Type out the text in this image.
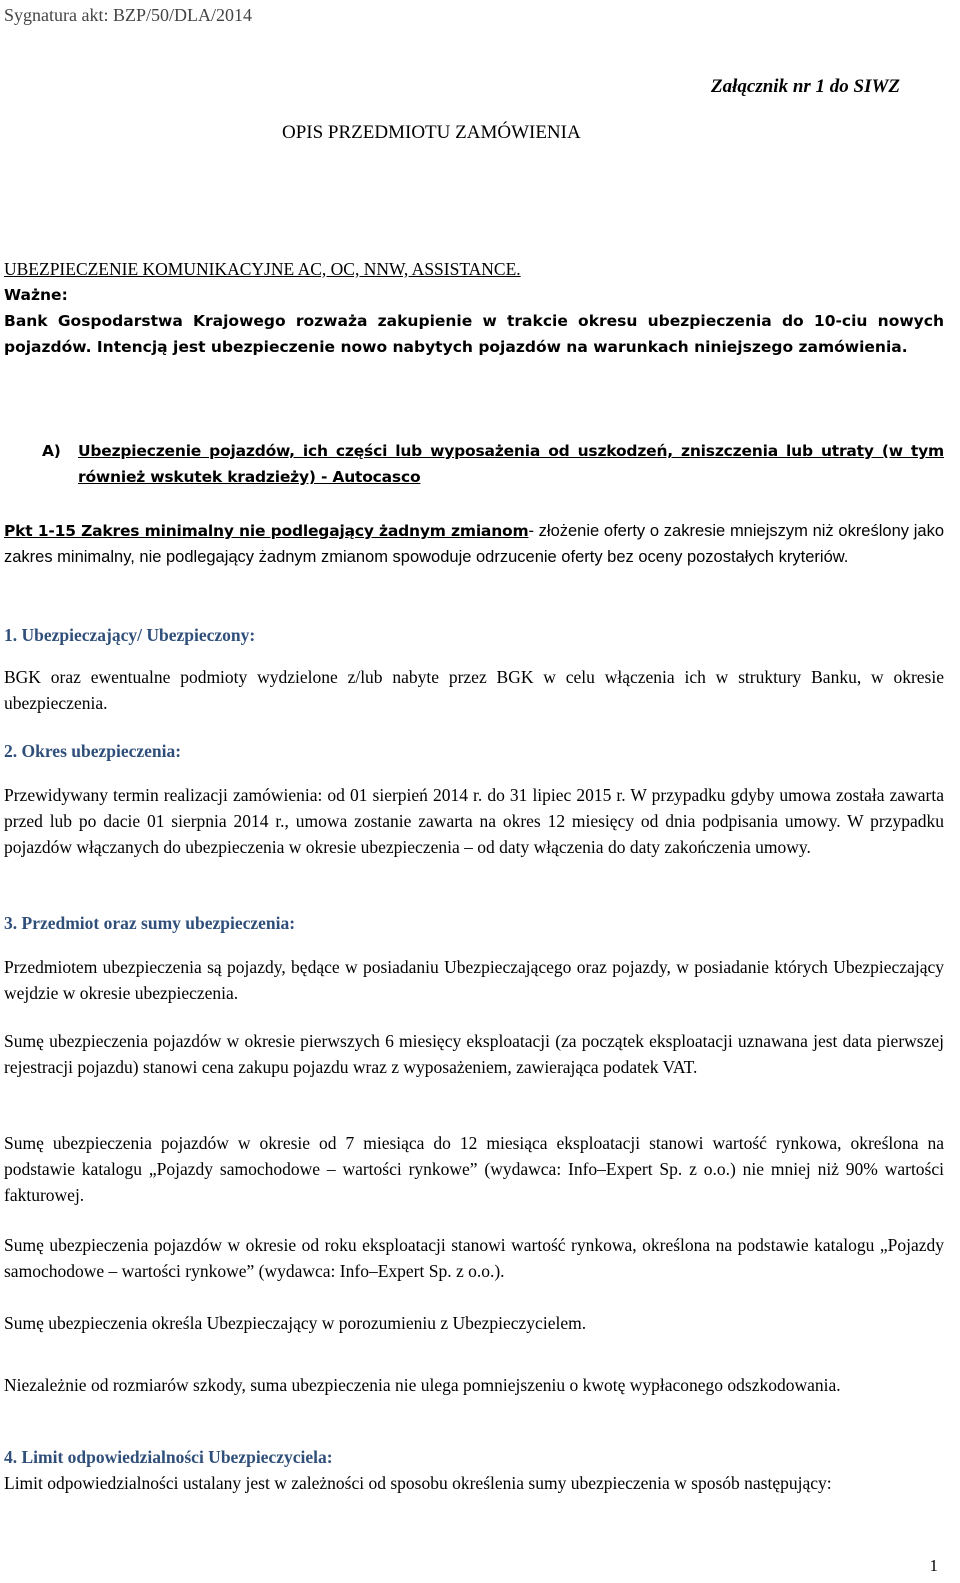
Sygnatura akt: BZP/50/DLA/2014
Załącznik nr 1 do SIWZ
OPIS PRZEDMIOTU ZAMÓWIENIA
UBEZPIECZENIE KOMUNIKACYJNE AC, OC, NNW, ASSISTANCE.

Ważne:

Bank Gospodarstwa Krajowego rozważa zakupienie w trakcie okresu ubezpieczenia do 10-ciu nowych pojazdów. Intencją jest ubezpieczenie nowo nabytych pojazdów na warunkach niniejszego zamówienia.

A)	Ubezpieczenie pojazdów, ich części lub wyposażenia od uszkodzeń, zniszczenia lub utraty (w tym również wskutek kradzieży) - Autocasco
Pkt 1-15 Zakres minimalny nie podlegający żadnym zmianom- złożenie oferty o zakresie mniejszym niż określony jako zakres minimalny, nie podlegający żadnym zmianom spowoduje odrzucenie oferty bez oceny pozostałych kryteriów.
1. Ubezpieczający/ Ubezpieczony:
BGK oraz ewentualne podmioty wydzielone z/lub nabyte przez BGK w celu włączenia ich w struktury Banku, w okresie ubezpieczenia.
2. Okres ubezpieczenia:
Przewidywany termin realizacji zamówienia: od 01 sierpień 2014 r. do 31 lipiec 2015 r. W przypadku gdyby umowa została zawarta przed lub po dacie 01 sierpnia 2014 r., umowa zostanie zawarta na okres 12 miesięcy od dnia podpisania umowy. W przypadku pojazdów włączanych do ubezpieczenia w okresie ubezpieczenia – od daty włączenia do daty zakończenia umowy.
3. Przedmiot oraz sumy ubezpieczenia:
Przedmiotem ubezpieczenia są pojazdy, będące w posiadaniu Ubezpieczającego oraz pojazdy, w posiadanie których Ubezpieczający wejdzie w okresie ubezpieczenia.
Sumę ubezpieczenia pojazdów w okresie pierwszych 6 miesięcy eksploatacji (za początek eksploatacji uznawana jest data pierwszej rejestracji pojazdu) stanowi cena zakupu pojazdu wraz z wyposażeniem, zawierająca podatek VAT.
Sumę ubezpieczenia pojazdów w okresie od 7 miesiąca do 12 miesiąca eksploatacji stanowi wartość rynkowa, określona na podstawie katalogu „Pojazdy samochodowe – wartości rynkowe” (wydawca: Info–Expert Sp. z o.o.) nie mniej niż 90% wartości fakturowej.
Sumę ubezpieczenia pojazdów w okresie od roku eksploatacji stanowi wartość rynkowa, określona na podstawie katalogu „Pojazdy samochodowe – wartości rynkowe” (wydawca: Info–Expert Sp. z o.o.).
Sumę ubezpieczenia określa Ubezpieczający w porozumieniu z Ubezpieczycielem.
Niezależnie od rozmiarów szkody, suma ubezpieczenia nie ulega pomniejszeniu o kwotę wypłaconego odszkodowania.
4. Limit odpowiedzialności Ubezpieczyciela:
Limit odpowiedzialności ustalany jest w zależności od sposobu określenia sumy ubezpieczenia w sposób następujący:
1
